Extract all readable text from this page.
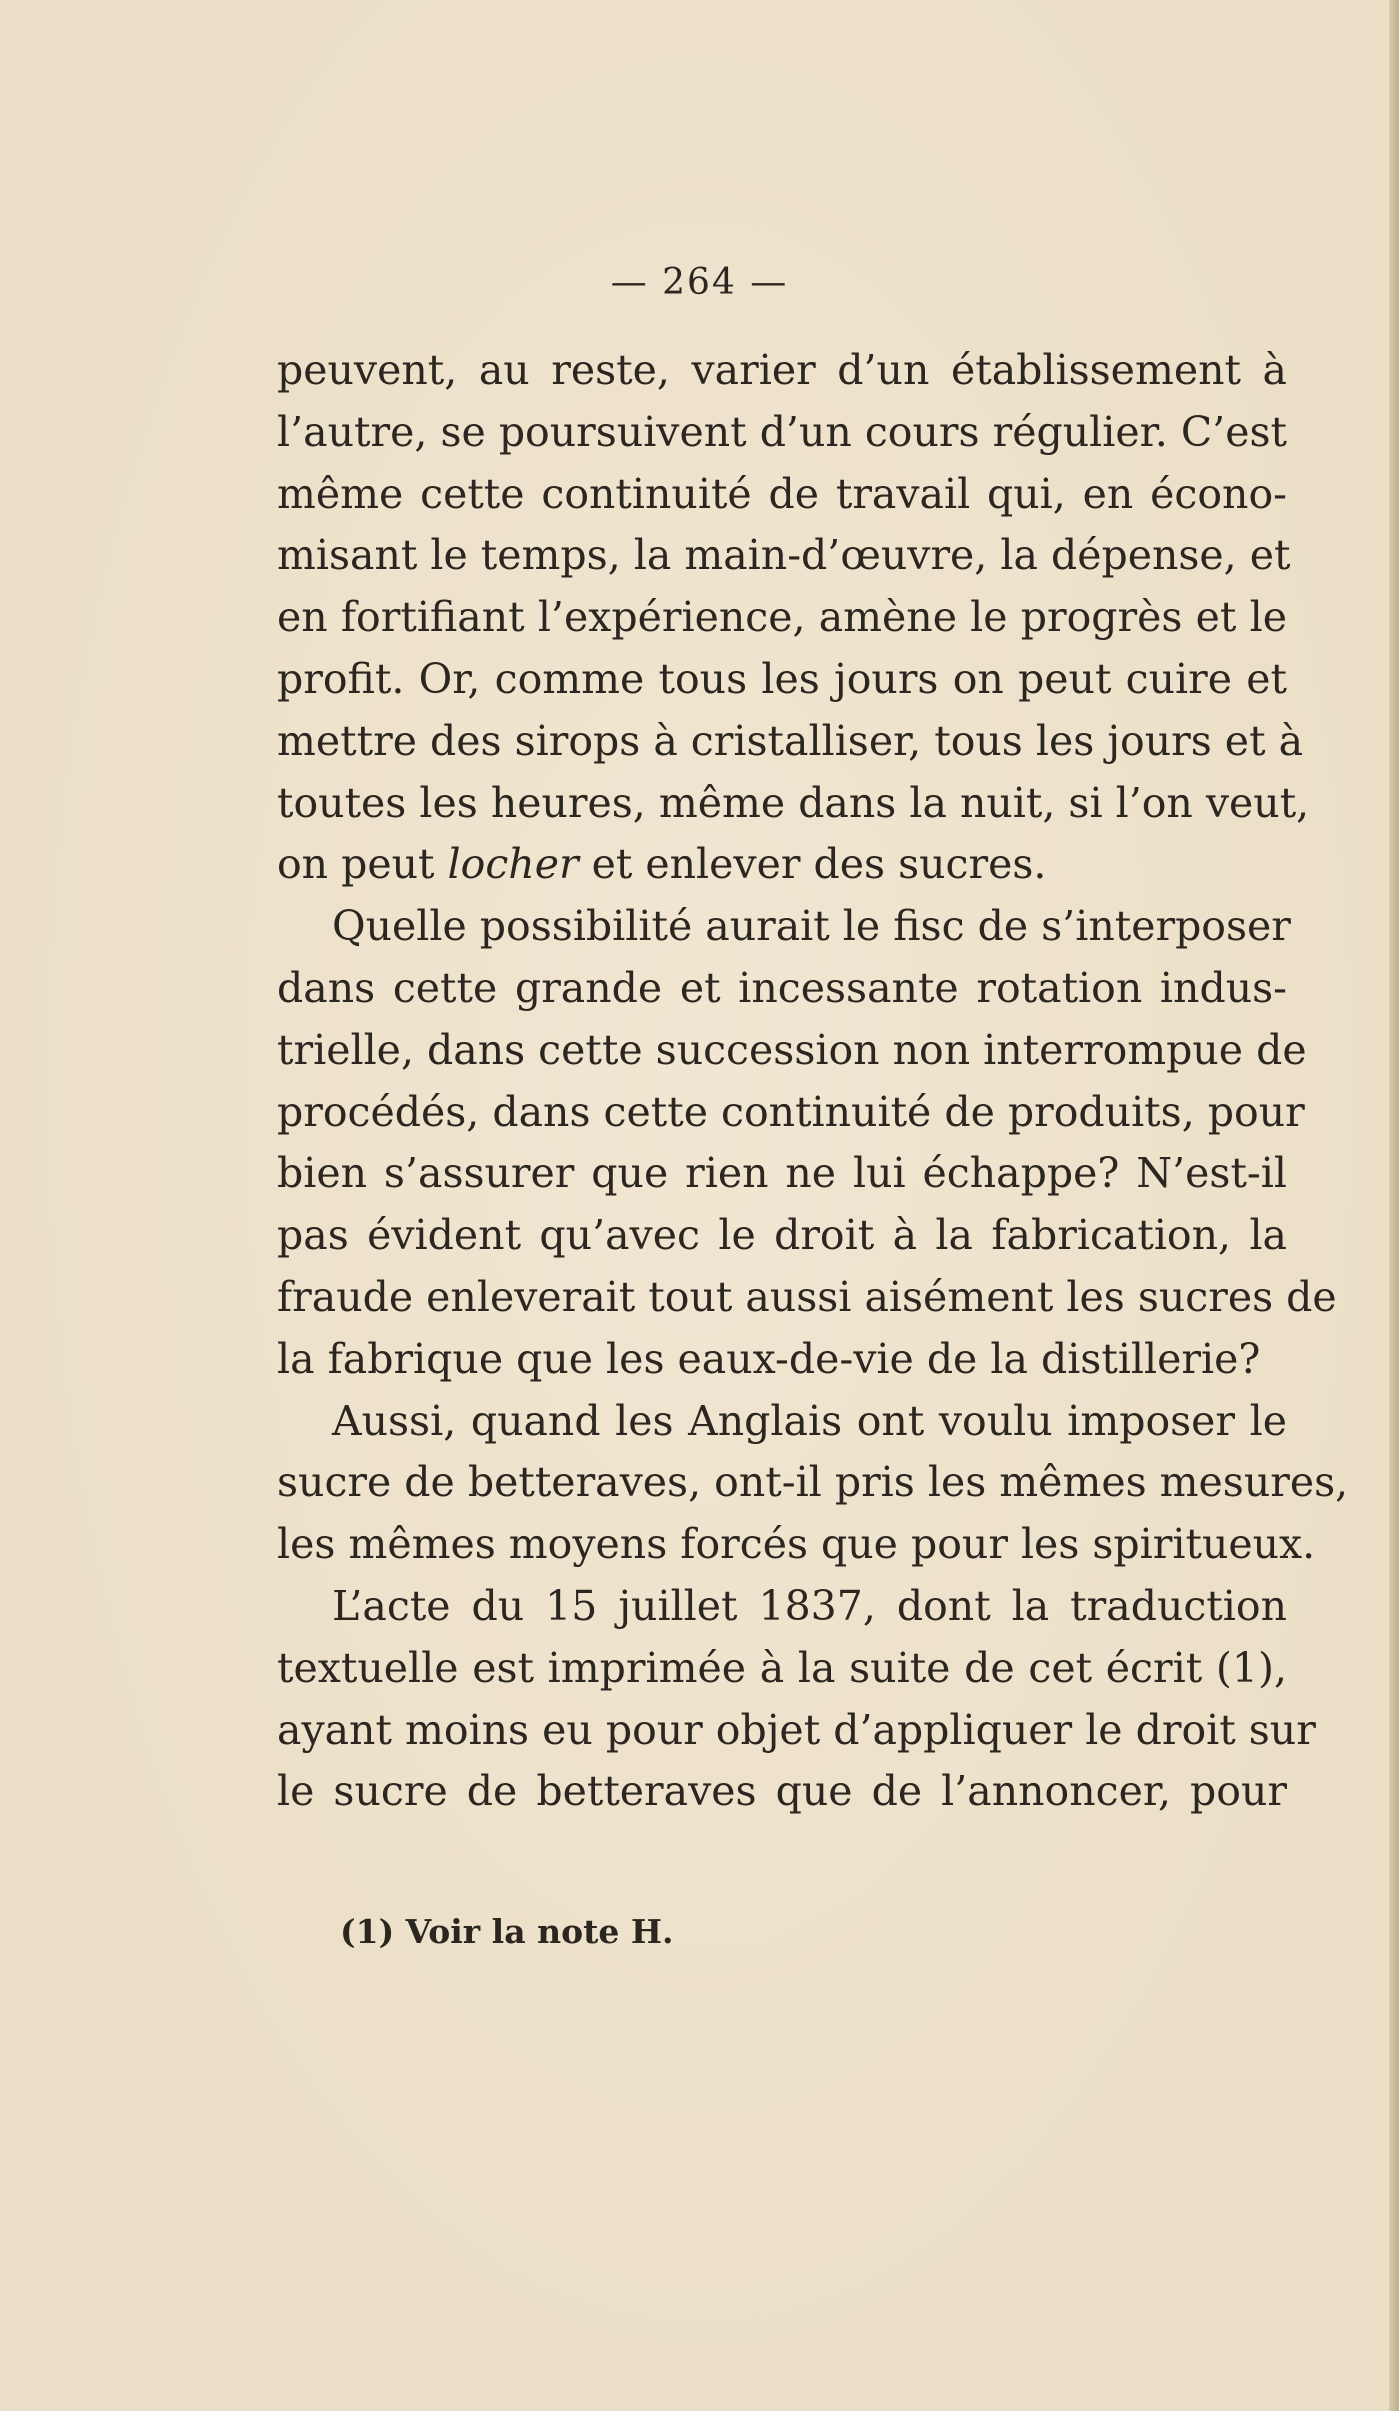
— 264 —
peuvent, au reste, varier d’un établissement à
l’autre, se poursuivent d’un cours régulier. C’est
même cette continuité de travail qui, en écono-
misant le temps, la main-d’œuvre, la dépense, et
en fortifiant l’expérience, amène le progrès et le
profit. Or, comme tous les jours on peut cuire et
mettre des sirops à cristalliser, tous les jours et à
toutes les heures, même dans la nuit, si l’on veut,
on peut locher et enlever des sucres.
Quelle possibilité aurait le fisc de s’interposer
dans cette grande et incessante rotation indus-
trielle, dans cette succession non interrompue de
procédés, dans cette continuité de produits, pour
bien s’assurer que rien ne lui échappe? N’est-il
pas évident qu’avec le droit à la fabrication, la
fraude enleverait tout aussi aisément les sucres de
la fabrique que les eaux-de-vie de la distillerie?
Aussi, quand les Anglais ont voulu imposer le
sucre de betteraves, ont-il pris les mêmes mesures,
les mêmes moyens forcés que pour les spiritueux.
L’acte du 15 juillet 1837, dont la traduction
textuelle est imprimée à la suite de cet écrit (1),
ayant moins eu pour objet d’appliquer le droit sur
le sucre de betteraves que de l’annoncer, pour
(1) Voir la note H.
